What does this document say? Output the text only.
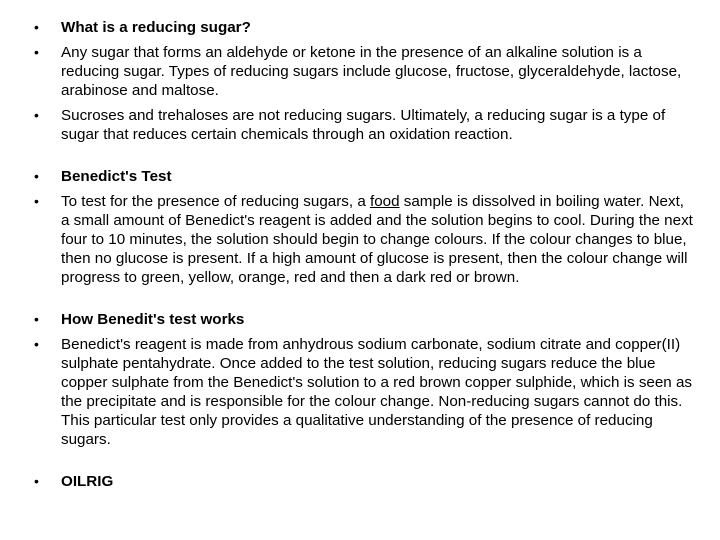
•	What is a reducing sugar?
•	Any sugar that forms an aldehyde or ketone in the presence of an alkaline solution is a reducing sugar. Types of reducing sugars include glucose, fructose, glyceraldehyde, lactose, arabinose and maltose.
•	Sucroses and trehaloses are not reducing sugars. Ultimately, a reducing sugar is a type of sugar that reduces certain chemicals through an oxidation reaction.
•	Benedict's Test
•	To test for the presence of reducing sugars, a food sample is dissolved in boiling water. Next, a small amount of Benedict's reagent is added and the solution begins to cool. During the next four to 10 minutes, the solution should begin to change colours. If the colour changes to blue, then no glucose is present. If a high amount of glucose is present, then the colour change will progress to green, yellow, orange, red and then a dark red or brown.
•	How Benedit's test works
•	Benedict's reagent is made from anhydrous sodium carbonate, sodium citrate and copper(II) sulphate pentahydrate. Once added to the test solution, reducing sugars reduce the blue copper sulphate from the Benedict's solution to a red brown copper sulphide, which is seen as the precipitate and is responsible for the colour change. Non-reducing sugars cannot do this. This particular test only provides a qualitative understanding of the presence of reducing sugars.
•	OILRIG
